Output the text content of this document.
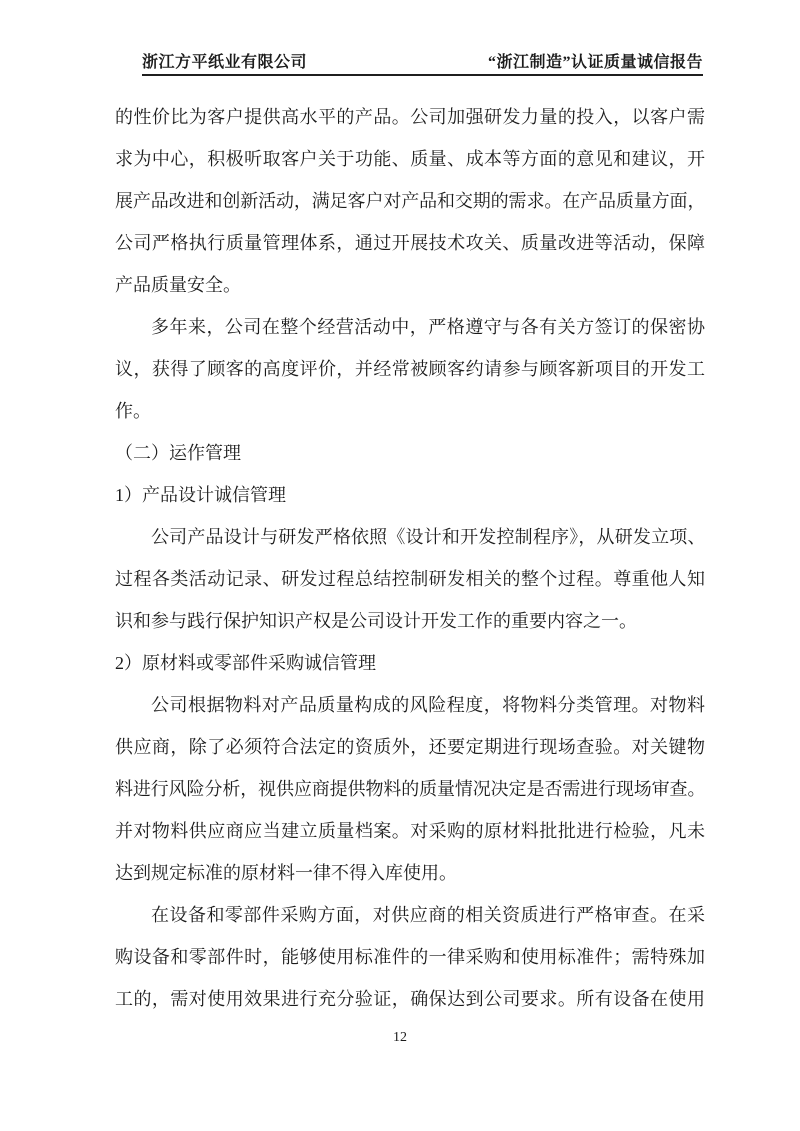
浙江方平纸业有限公司	“浙江制造”认证质量诚信报告
的性价比为客户提供高水平的产品。公司加强研发力量的投入，以客户需
求为中心，积极听取客户关于功能、质量、成本等方面的意见和建议，开
展产品改进和创新活动，满足客户对产品和交期的需求。在产品质量方面，
公司严格执行质量管理体系，通过开展技术攻关、质量改进等活动，保障
产品质量安全。
多年来，公司在整个经营活动中，严格遵守与各有关方签订的保密协
议，获得了顾客的高度评价，并经常被顾客约请参与顾客新项目的开发工
作。
（二）运作管理
1）产品设计诚信管理
公司产品设计与研发严格依照《设计和开发控制程序》，从研发立项、
过程各类活动记录、研发过程总结控制研发相关的整个过程。尊重他人知
识和参与践行保护知识产权是公司设计开发工作的重要内容之一。
2）原材料或零部件采购诚信管理
公司根据物料对产品质量构成的风险程度，将物料分类管理。对物料
供应商，除了必须符合法定的资质外，还要定期进行现场查验。对关键物
料进行风险分析，视供应商提供物料的质量情况决定是否需进行现场审查。
并对物料供应商应当建立质量档案。对采购的原材料批批进行检验，凡未
达到规定标准的原材料一律不得入库使用。
在设备和零部件采购方面，对供应商的相关资质进行严格审查。在采
购设备和零部件时，能够使用标准件的一律采购和使用标准件；需特殊加
工的，需对使用效果进行充分验证，确保达到公司要求。所有设备在使用
12
